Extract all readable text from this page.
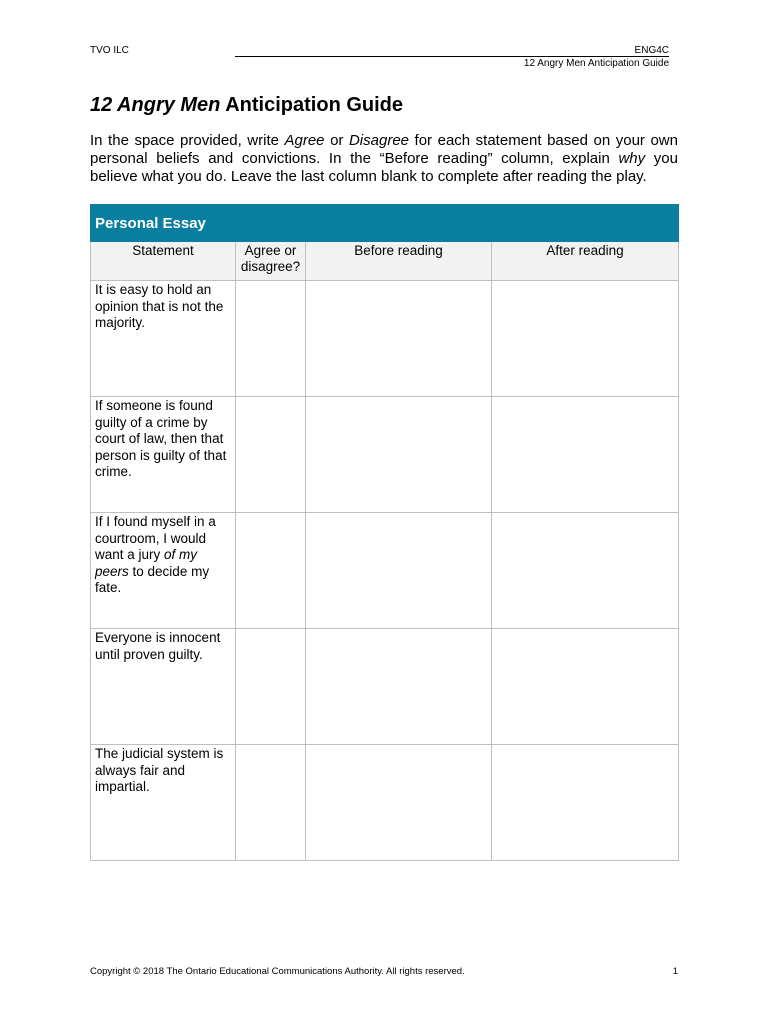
TVO ILC	ENG4C
12 Angry Men Anticipation Guide
12 Angry Men Anticipation Guide
In the space provided, write Agree or Disagree for each statement based on your own personal beliefs and convictions. In the “Before reading” column, explain why you believe what you do. Leave the last column blank to complete after reading the play.
Personal Essay			
Statement	Agree or disagree?	Before reading	After reading
It is easy to hold an opinion that is not the majority.			
If someone is found guilty of a crime by court of law, then that person is guilty of that crime.			
If I found myself in a courtroom, I would want a jury of my peers to decide my fate.			
Everyone is innocent until proven guilty.			
The judicial system is always fair and impartial.			
Copyright © 2018 The Ontario Educational Communications Authority. All rights reserved.	1
